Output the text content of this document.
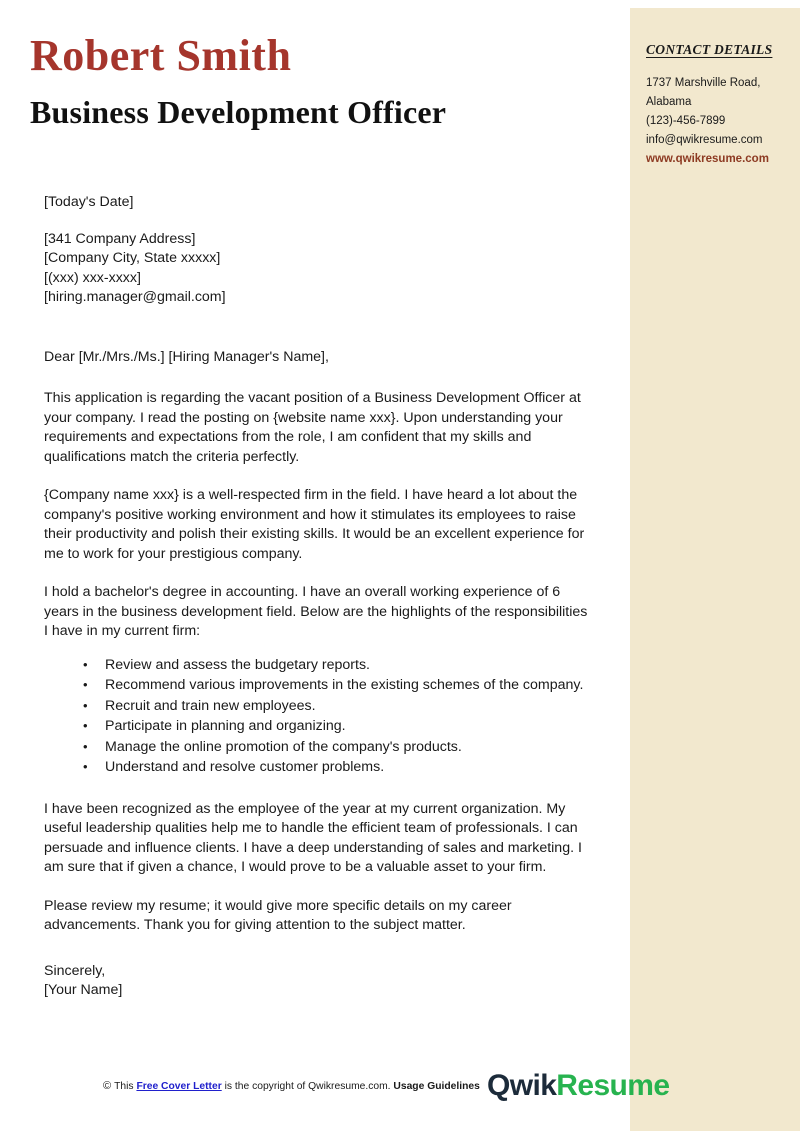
CONTACT DETAILS
1737 Marshville Road,
Alabama
(123)-456-7899
info@qwikresume.com
www.qwikresume.com
Robert Smith
Business Development Officer

[Today's Date]

[341 Company Address]
[Company City, State xxxxx]
[(xxx) xxx-xxxx]
[hiring.manager@gmail.com]

Dear [Mr./Mrs./Ms.] [Hiring Manager's Name],

This application is regarding the vacant position of a Business Development Officer at your company. I read the posting on {website name xxx}. Upon understanding your requirements and expectations from the role, I am confident that my skills and qualifications match the criteria perfectly.

{Company name xxx} is a well-respected firm in the field. I have heard a lot about the company's positive working environment and how it stimulates its employees to raise their productivity and polish their existing skills. It would be an excellent experience for me to work for your prestigious company.

I hold a bachelor's degree in accounting. I have an overall working experience of 6 years in the business development field. Below are the highlights of the responsibilities I have in my current firm:

• Review and assess the budgetary reports.
• Recommend various improvements in the existing schemes of the company.
• Recruit and train new employees.
• Participate in planning and organizing.
• Manage the online promotion of the company's products.
• Understand and resolve customer problems.

I have been recognized as the employee of the year at my current organization. My useful leadership qualities help me to handle the efficient team of professionals. I can persuade and influence clients. I have a deep understanding of sales and marketing. I am sure that if given a chance, I would prove to be a valuable asset to your firm.

Please review my resume; it would give more specific details on my career advancements. Thank you for giving attention to the subject matter.

Sincerely,
[Your Name]
© This Free Cover Letter is the copyright of Qwikresume.com. Usage Guidelines QwikResume
